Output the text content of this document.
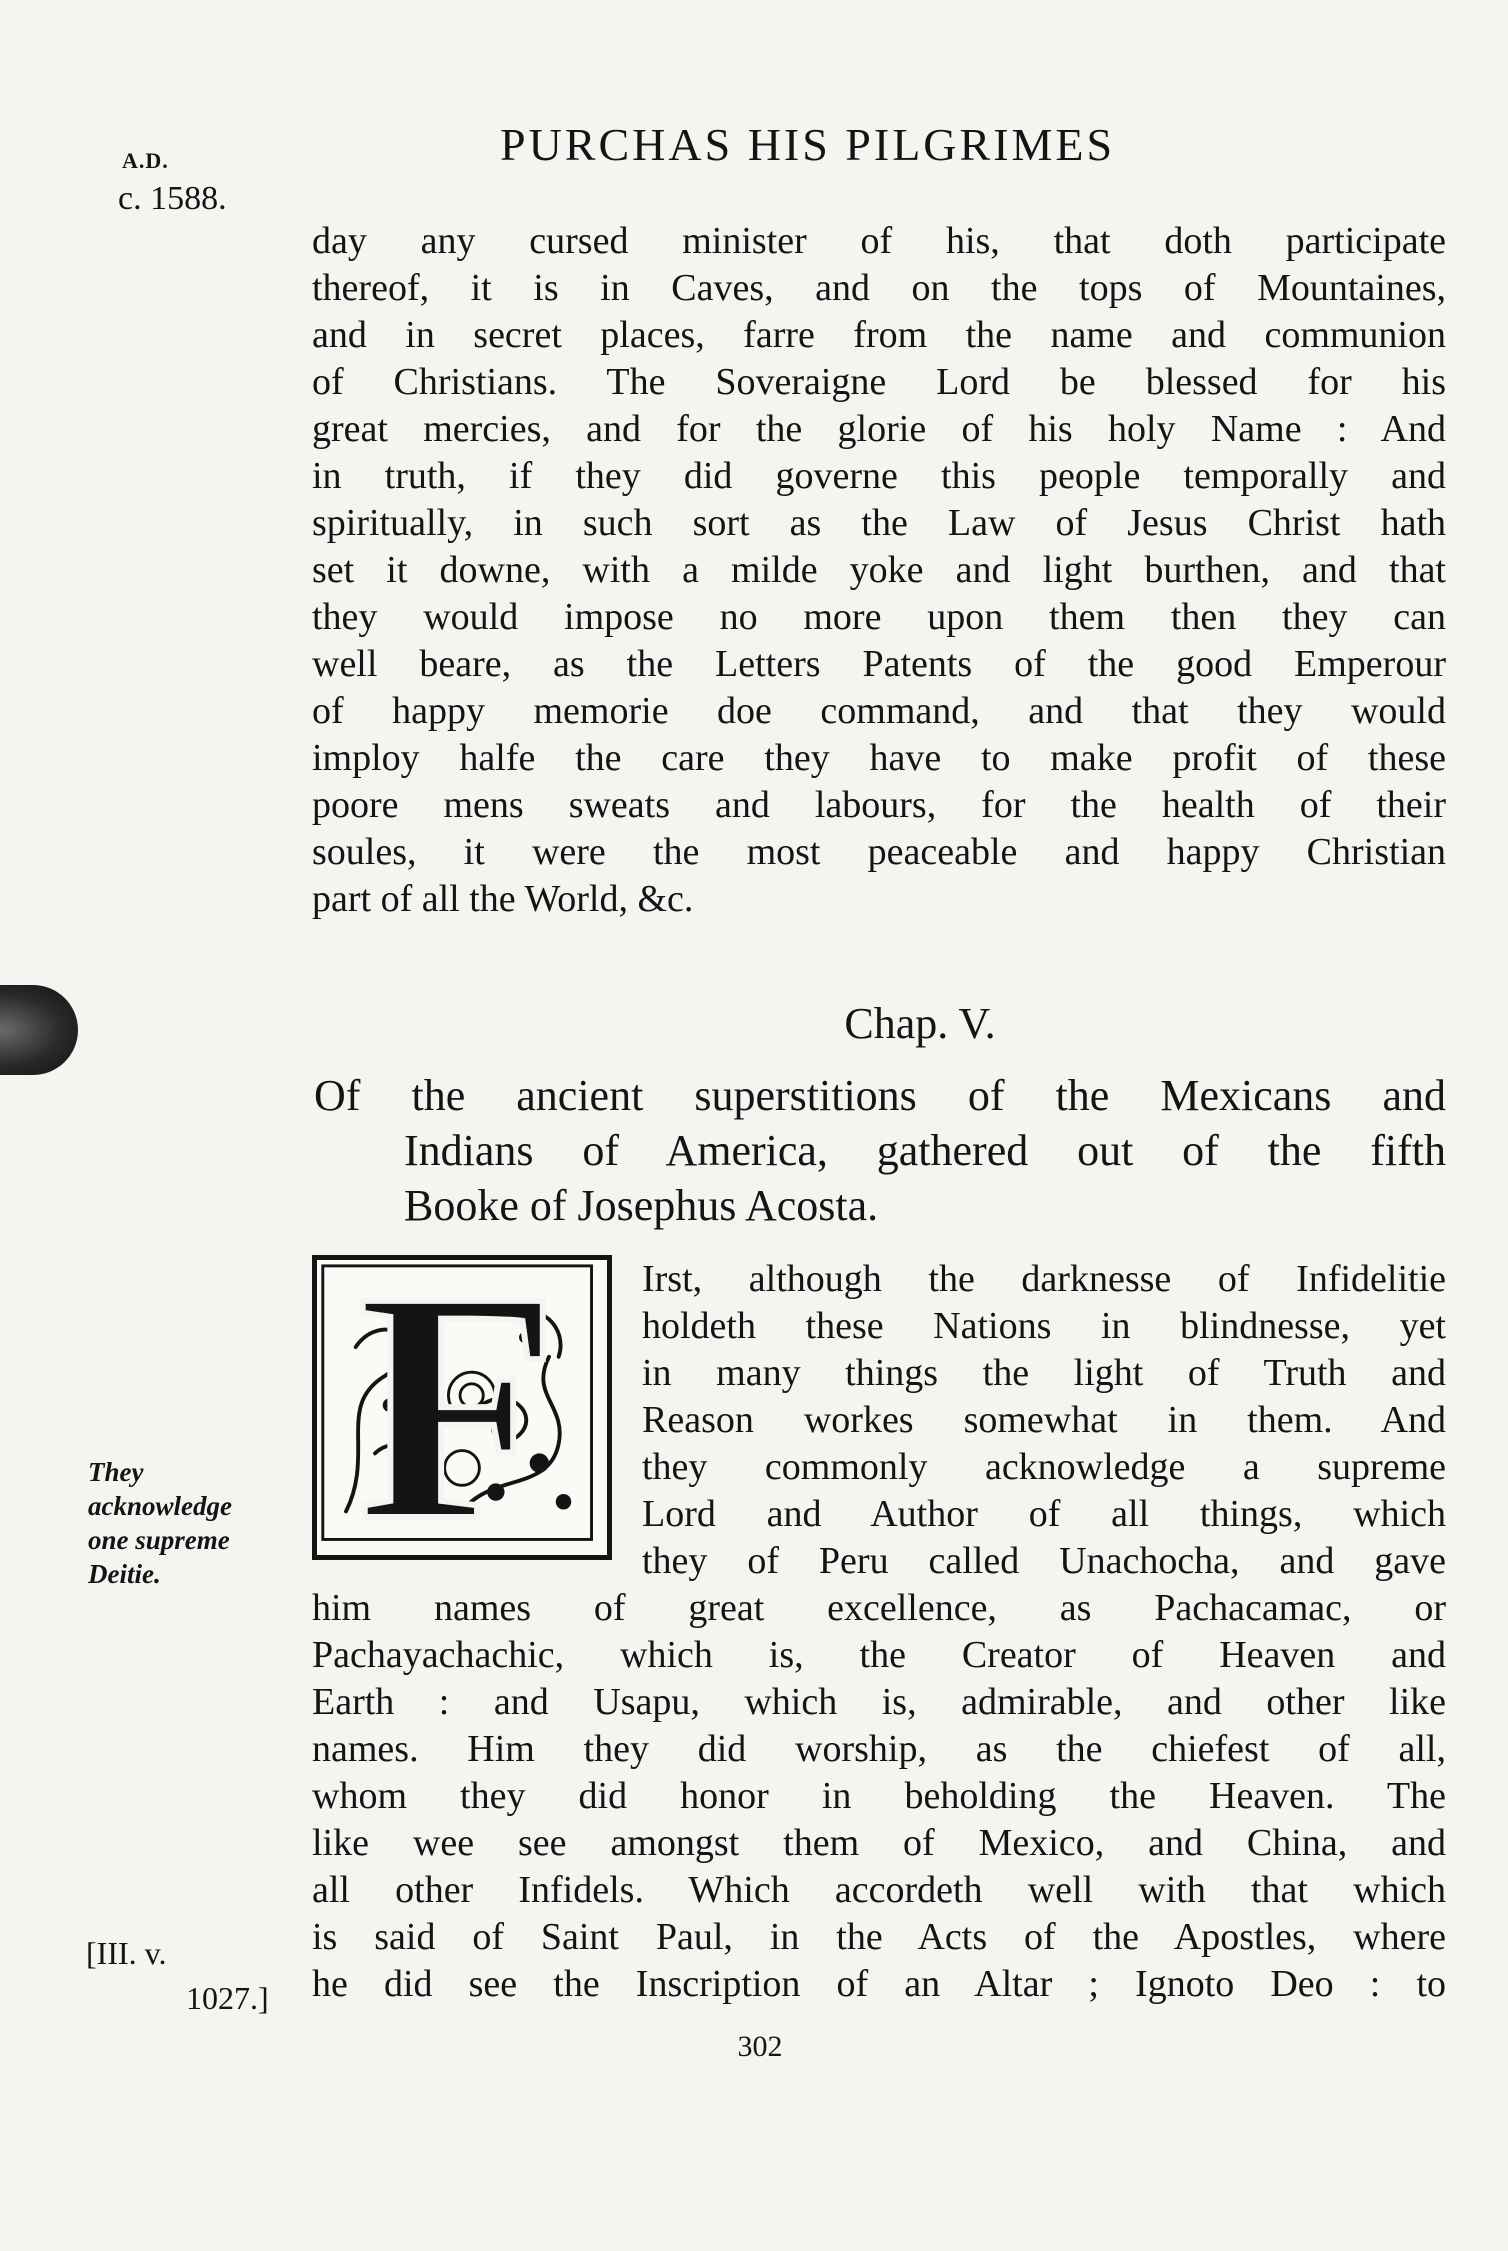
A.D.
c. 1588.
PURCHAS HIS PILGRIMES
day any cursed minister of his, that doth participate
thereof, it is in Caves, and on the tops of Mountaines,
and in secret places, farre from the name and communion
of Christians. The Soveraigne Lord be blessed for his
great mercies, and for the glorie of his holy Name : And
in truth, if they did governe this people temporally and
spiritually, in such sort as the Law of Jesus Christ hath
set it downe, with a milde yoke and light burthen, and that
they would impose no more upon them then they can
well beare, as the Letters Patents of the good Emperour
of happy memorie doe command, and that they would
imploy halfe the care they have to make profit of these
poore mens sweats and labours, for the health of their
soules, it were the most peaceable and happy Christian
part of all the World, &c.
Chap. V.
Of the ancient superstitions of the Mexicans and
Indians of America, gathered out of the fifth
Booke of Josephus Acosta.
F Irst, although the darknesse of Infidelitie
holdeth these Nations in blindnesse, yet
in many things the light of Truth and
Reason workes somewhat in them. And
they commonly acknowledge a supreme
Lord and Author of all things, which
they of Peru called Unachocha, and gave
him names of great excellence, as Pachacamac, or
Pachayachachic, which is, the Creator of Heaven and
Earth : and Usapu, which is, admirable, and other like
names. Him they did worship, as the chiefest of all,
whom they did honor in beholding the Heaven. The
like wee see amongst them of Mexico, and China, and
all other Infidels. Which accordeth well with that which
is said of Saint Paul, in the Acts of the Apostles, where
he did see the Inscription of an Altar ; Ignoto Deo : to
They
acknowledge
one supreme
Deitie.
[III. v.
1027.]
302
